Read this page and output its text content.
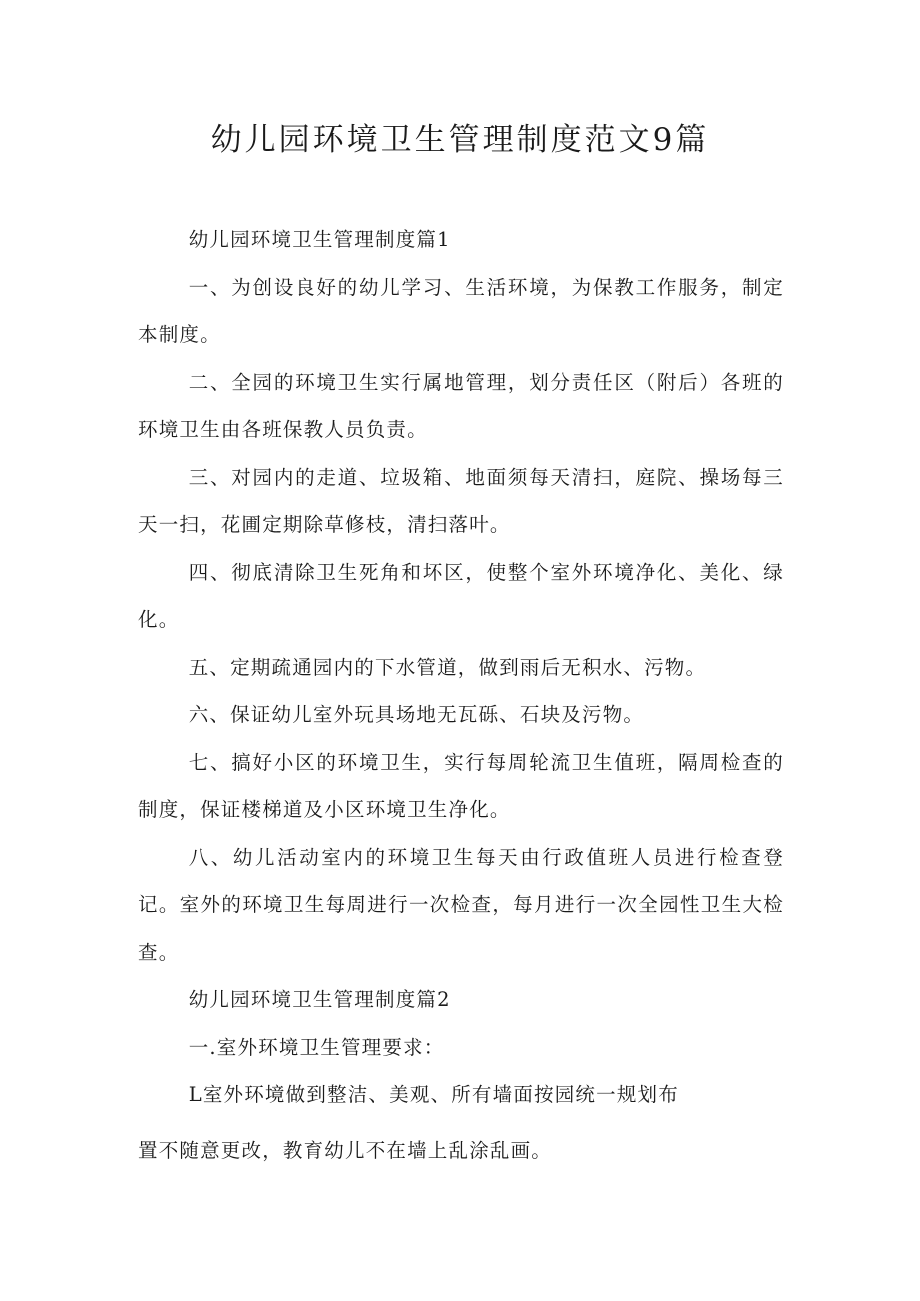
幼儿园环境卫生管理制度范文9篇

幼儿园环境卫生管理制度篇1

一、为创设良好的幼儿学习、生活环境，为保教工作服务，制定本制度。

二、全园的环境卫生实行属地管理，划分责任区（附后）各班的环境卫生由各班保教人员负责。

三、对园内的走道、垃圾箱、地面须每天清扫，庭院、操场每三天一扫，花圃定期除草修枝，清扫落叶。

四、彻底清除卫生死角和坏区，使整个室外环境净化、美化、绿化。

五、定期疏通园内的下水管道，做到雨后无积水、污物。

六、保证幼儿室外玩具场地无瓦砾、石块及污物。

七、搞好小区的环境卫生，实行每周轮流卫生值班，隔周检查的制度，保证楼梯道及小区环境卫生净化。

八、幼儿活动室内的环境卫生每天由行政值班人员进行检查登记。室外的环境卫生每周进行一次检查，每月进行一次全园性卫生大检查。

幼儿园环境卫生管理制度篇2

一.室外环境卫生管理要求：

L室外环境做到整洁、美观、所有墙面按园统一规划布

置不随意更改，教育幼儿不在墙上乱涂乱画。
